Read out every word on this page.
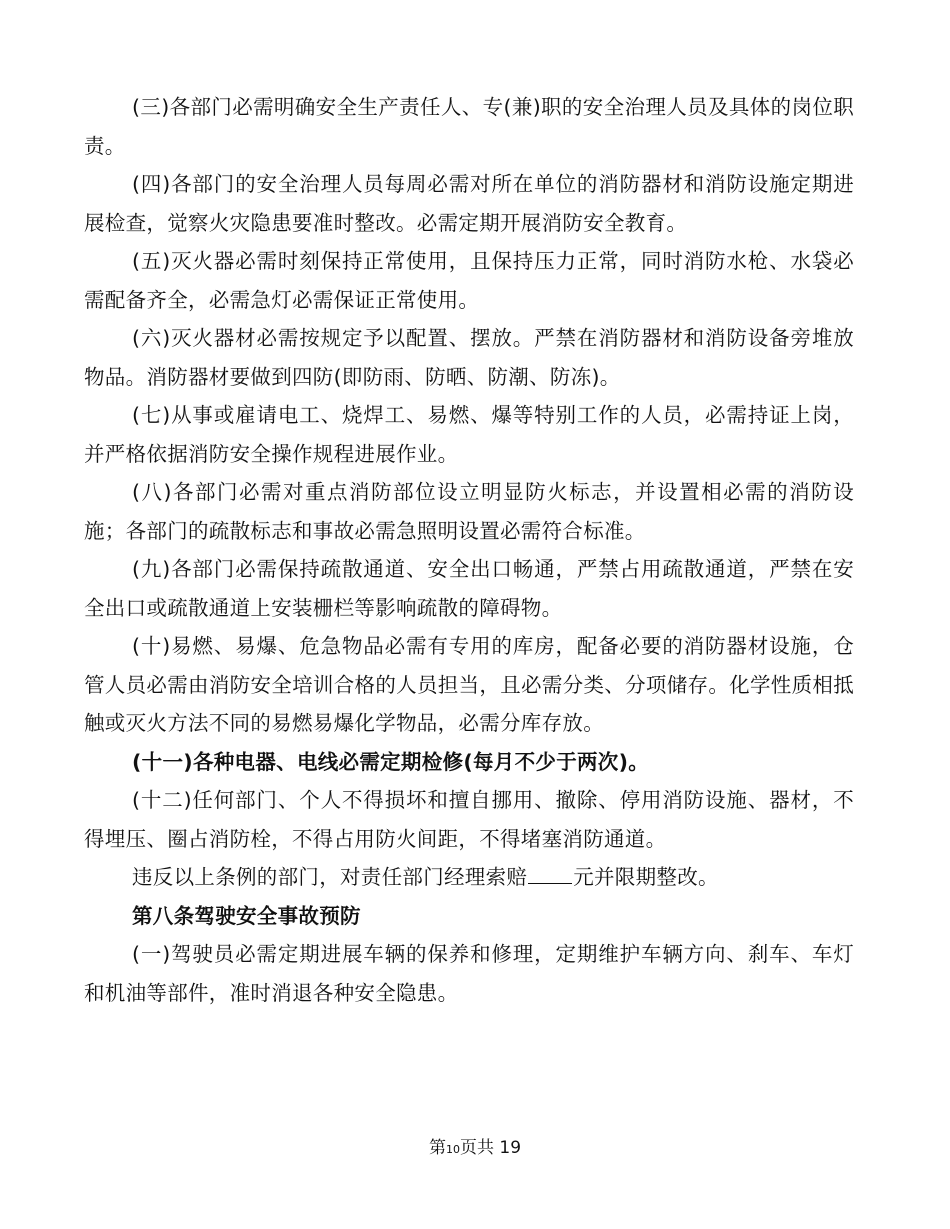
(三)各部门必需明确安全生产责任人、专(兼)职的安全治理人员及具体的岗位职责。

(四)各部门的安全治理人员每周必需对所在单位的消防器材和消防设施定期进展检查，觉察火灾隐患要准时整改。必需定期开展消防安全教育。

(五)灭火器必需时刻保持正常使用，且保持压力正常，同时消防水枪、水袋必需配备齐全，必需急灯必需保证正常使用。

(六)灭火器材必需按规定予以配置、摆放。严禁在消防器材和消防设备旁堆放物品。消防器材要做到四防(即防雨、防晒、防潮、防冻)。

(七)从事或雇请电工、烧焊工、易燃、爆等特别工作的人员，必需持证上岗，并严格依据消防安全操作规程进展作业。

(八)各部门必需对重点消防部位设立明显防火标志，并设置相必需的消防设施；各部门的疏散标志和事故必需急照明设置必需符合标准。

(九)各部门必需保持疏散通道、安全出口畅通，严禁占用疏散通道，严禁在安全出口或疏散通道上安装栅栏等影响疏散的障碍物。

(十)易燃、易爆、危急物品必需有专用的库房，配备必要的消防器材设施，仓管人员必需由消防安全培训合格的人员担当，且必需分类、分项储存。化学性质相抵触或灭火方法不同的易燃易爆化学物品，必需分库存放。

(十一)各种电器、电线必需定期检修(每月不少于两次)。

(十二)任何部门、个人不得损坏和擅自挪用、撤除、停用消防设施、器材，不得埋压、圈占消防栓，不得占用防火间距，不得堵塞消防通道。

违反以上条例的部门，对责任部门经理索赔 元并限期整改。

第八条驾驶安全事故预防

(一)驾驶员必需定期进展车辆的保养和修理，定期维护车辆方向、刹车、车灯和机油等部件，准时消退各种安全隐患。

第10页共 19
